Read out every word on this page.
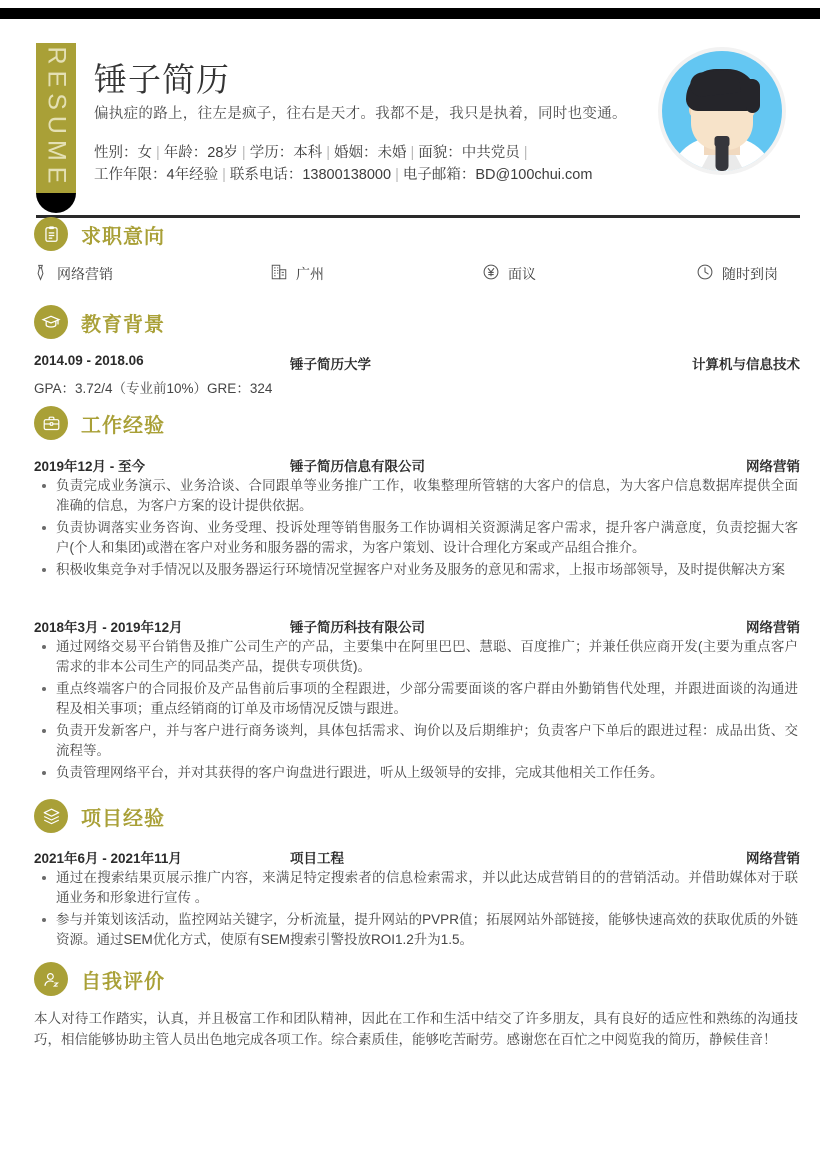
RESUME 锤子简历
偏执症的路上，往左是疯子，往右是天才。我都不是，我只是执着，同时也变通。
性别：女 | 年龄：28岁 | 学历：本科 | 婚姻：未婚 | 面貌：中共党员 |
工作年限：4年经验 | 联系电话：13800138000 | 电子邮箱：BD@100chui.com
求职意向
网络营销	广州	面议	随时到岗
教育背景
2014.09 - 2018.06	锤子简历大学	计算机与信息技术
GPA：3.72/4（专业前10%）GRE：324
工作经验
2019年12月 - 至今	锤子简历信息有限公司	网络营销
负责完成业务演示、业务洽谈、合同跟单等业务推广工作，收集整理所管辖的大客户的信息，为大客户信息数据库提供全面准确的信息，为客户方案的设计提供依据。
负责协调落实业务咨询、业务受理、投诉处理等销售服务工作协调相关资源满足客户需求，提升客户满意度，负责挖掘大客户(个人和集团)或潜在客户对业务和服务器的需求，为客户策划、设计合理化方案或产品组合推介。
积极收集竞争对手情况以及服务器运行环境情况堂握客户对业务及服务的意见和需求，上报市场部领导，及时提供解决方案
2018年3月 - 2019年12月	锤子简历科技有限公司	网络营销
通过网络交易平台销售及推广公司生产的产品，主要集中在阿里巴巴、慧聪、百度推广；并兼任供应商开发(主要为重点客户需求的非本公司生产的同品类产品，提供专项供货)。
重点终端客户的合同报价及产品售前后事项的全程跟进，少部分需要面谈的客户群由外勤销售代处理，并跟进面谈的沟通进程及相关事项；重点经销商的订单及市场情况反馈与跟进。
负责开发新客户，并与客户进行商务谈判，具体包括需求、询价以及后期维护；负责客户下单后的跟进过程：成品出货、交流程等。
负责管理网络平台，并对其获得的客户询盘进行跟进，听从上级领导的安排，完成其他相关工作任务。
项目经验
2021年6月 - 2021年11月	项目工程	网络营销
通过在搜索结果页展示推广内容，来满足特定搜索者的信息检索需求，并以此达成营销目的的营销活动。并借助媒体对于联通业务和形象进行宣传 。
参与并策划该活动，监控网站关键字，分析流量，提升网站的PVPR值；拓展网站外部链接，能够快速高效的获取优质的外链资源。通过SEM优化方式，使原有SEM搜索引警投放ROI1.2升为1.5。
自我评价
本人对待工作踏实，认真，并且极富工作和团队精神，因此在工作和生活中结交了许多朋友，具有良好的适应性和熟练的沟通技巧，相信能够协助主管人员出色地完成各项工作。综合素质佳，能够吃苦耐劳。感谢您在百忙之中阅览我的简历，静候佳音！
